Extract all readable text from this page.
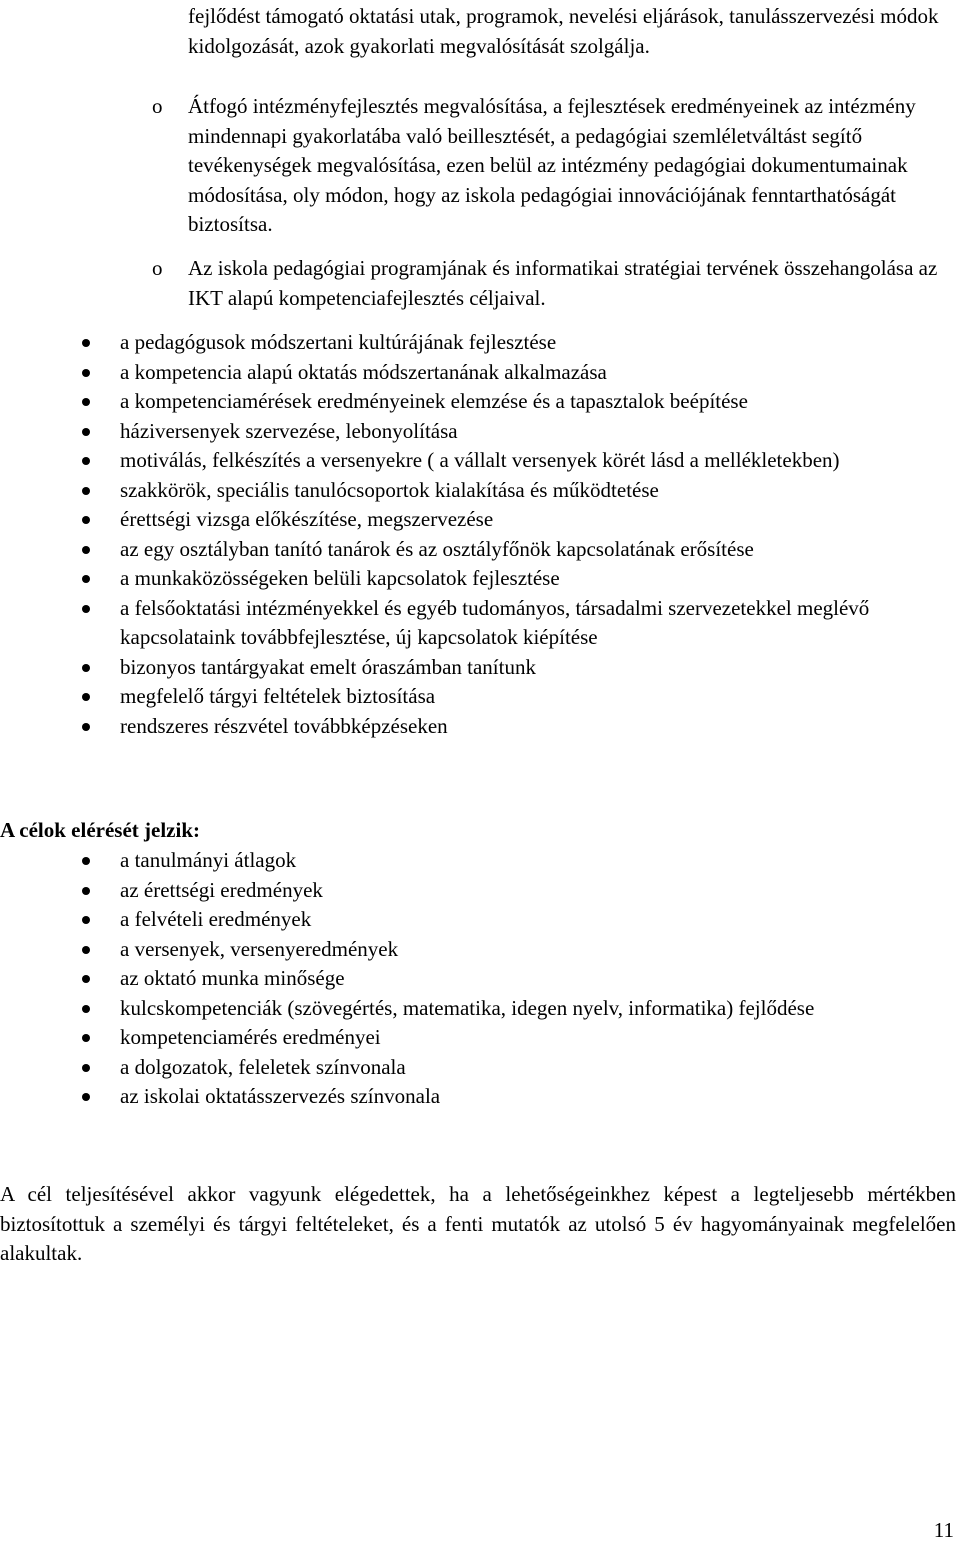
fejlődést támogató oktatási utak, programok, nevelési eljárások, tanulásszervezési módok kidolgozását, azok gyakorlati megvalósítását szolgálja.
o Átfogó intézményfejlesztés megvalósítása, a fejlesztések eredményeinek az intézmény mindennapi gyakorlatába való beillesztését, a pedagógiai szemléletváltást segítő tevékenységek megvalósítása, ezen belül az intézmény pedagógiai dokumentumainak módosítása, oly módon, hogy az iskola pedagógiai innovációjának fenntarthatóságát biztosítsa.
o Az iskola pedagógiai programjának és informatikai stratégiai tervének összehangolása az IKT alapú kompetenciafejlesztés céljaival.
a pedagógusok módszertani kultúrájának fejlesztése
a kompetencia alapú oktatás módszertanának alkalmazása
a kompetenciamérések eredményeinek elemzése és a tapasztalok beépítése
háziversenyek szervezése, lebonyolítása
motiválás, felkészítés a versenyekre ( a vállalt versenyek körét lásd a mellékletekben)
szakkörök, speciális tanulócsoportok kialakítása és működtetése
érettségi vizsga előkészítése, megszervezése
az egy osztályban tanító tanárok és az osztályfőnök kapcsolatának erősítése
a munkaközösségeken belüli kapcsolatok fejlesztése
a felsőoktatási intézményekkel és egyéb tudományos, társadalmi szervezetekkel meglévő kapcsolataink továbbfejlesztése, új kapcsolatok kiépítése
bizonyos tantárgyakat emelt óraszámban tanítunk
megfelelő tárgyi feltételek biztosítása
rendszeres részvétel továbbképzéseken
A célok elérését jelzik:
a tanulmányi átlagok
az érettségi eredmények
a felvételi eredmények
a versenyek, versenyeredmények
az oktató munka minősége
kulcskompetenciák (szövegértés, matematika, idegen nyelv, informatika) fejlődése
kompetenciamérés eredményei
a dolgozatok, feleletek színvonala
az iskolai oktatásszervezés színvonala
A cél teljesítésével akkor vagyunk elégedettek, ha a lehetőségeinkhez képest a legteljesebb mértékben biztosítottuk a személyi és tárgyi feltételeket, és a fenti mutatók az utolsó 5 év hagyományainak megfelelően alakultak.
11
